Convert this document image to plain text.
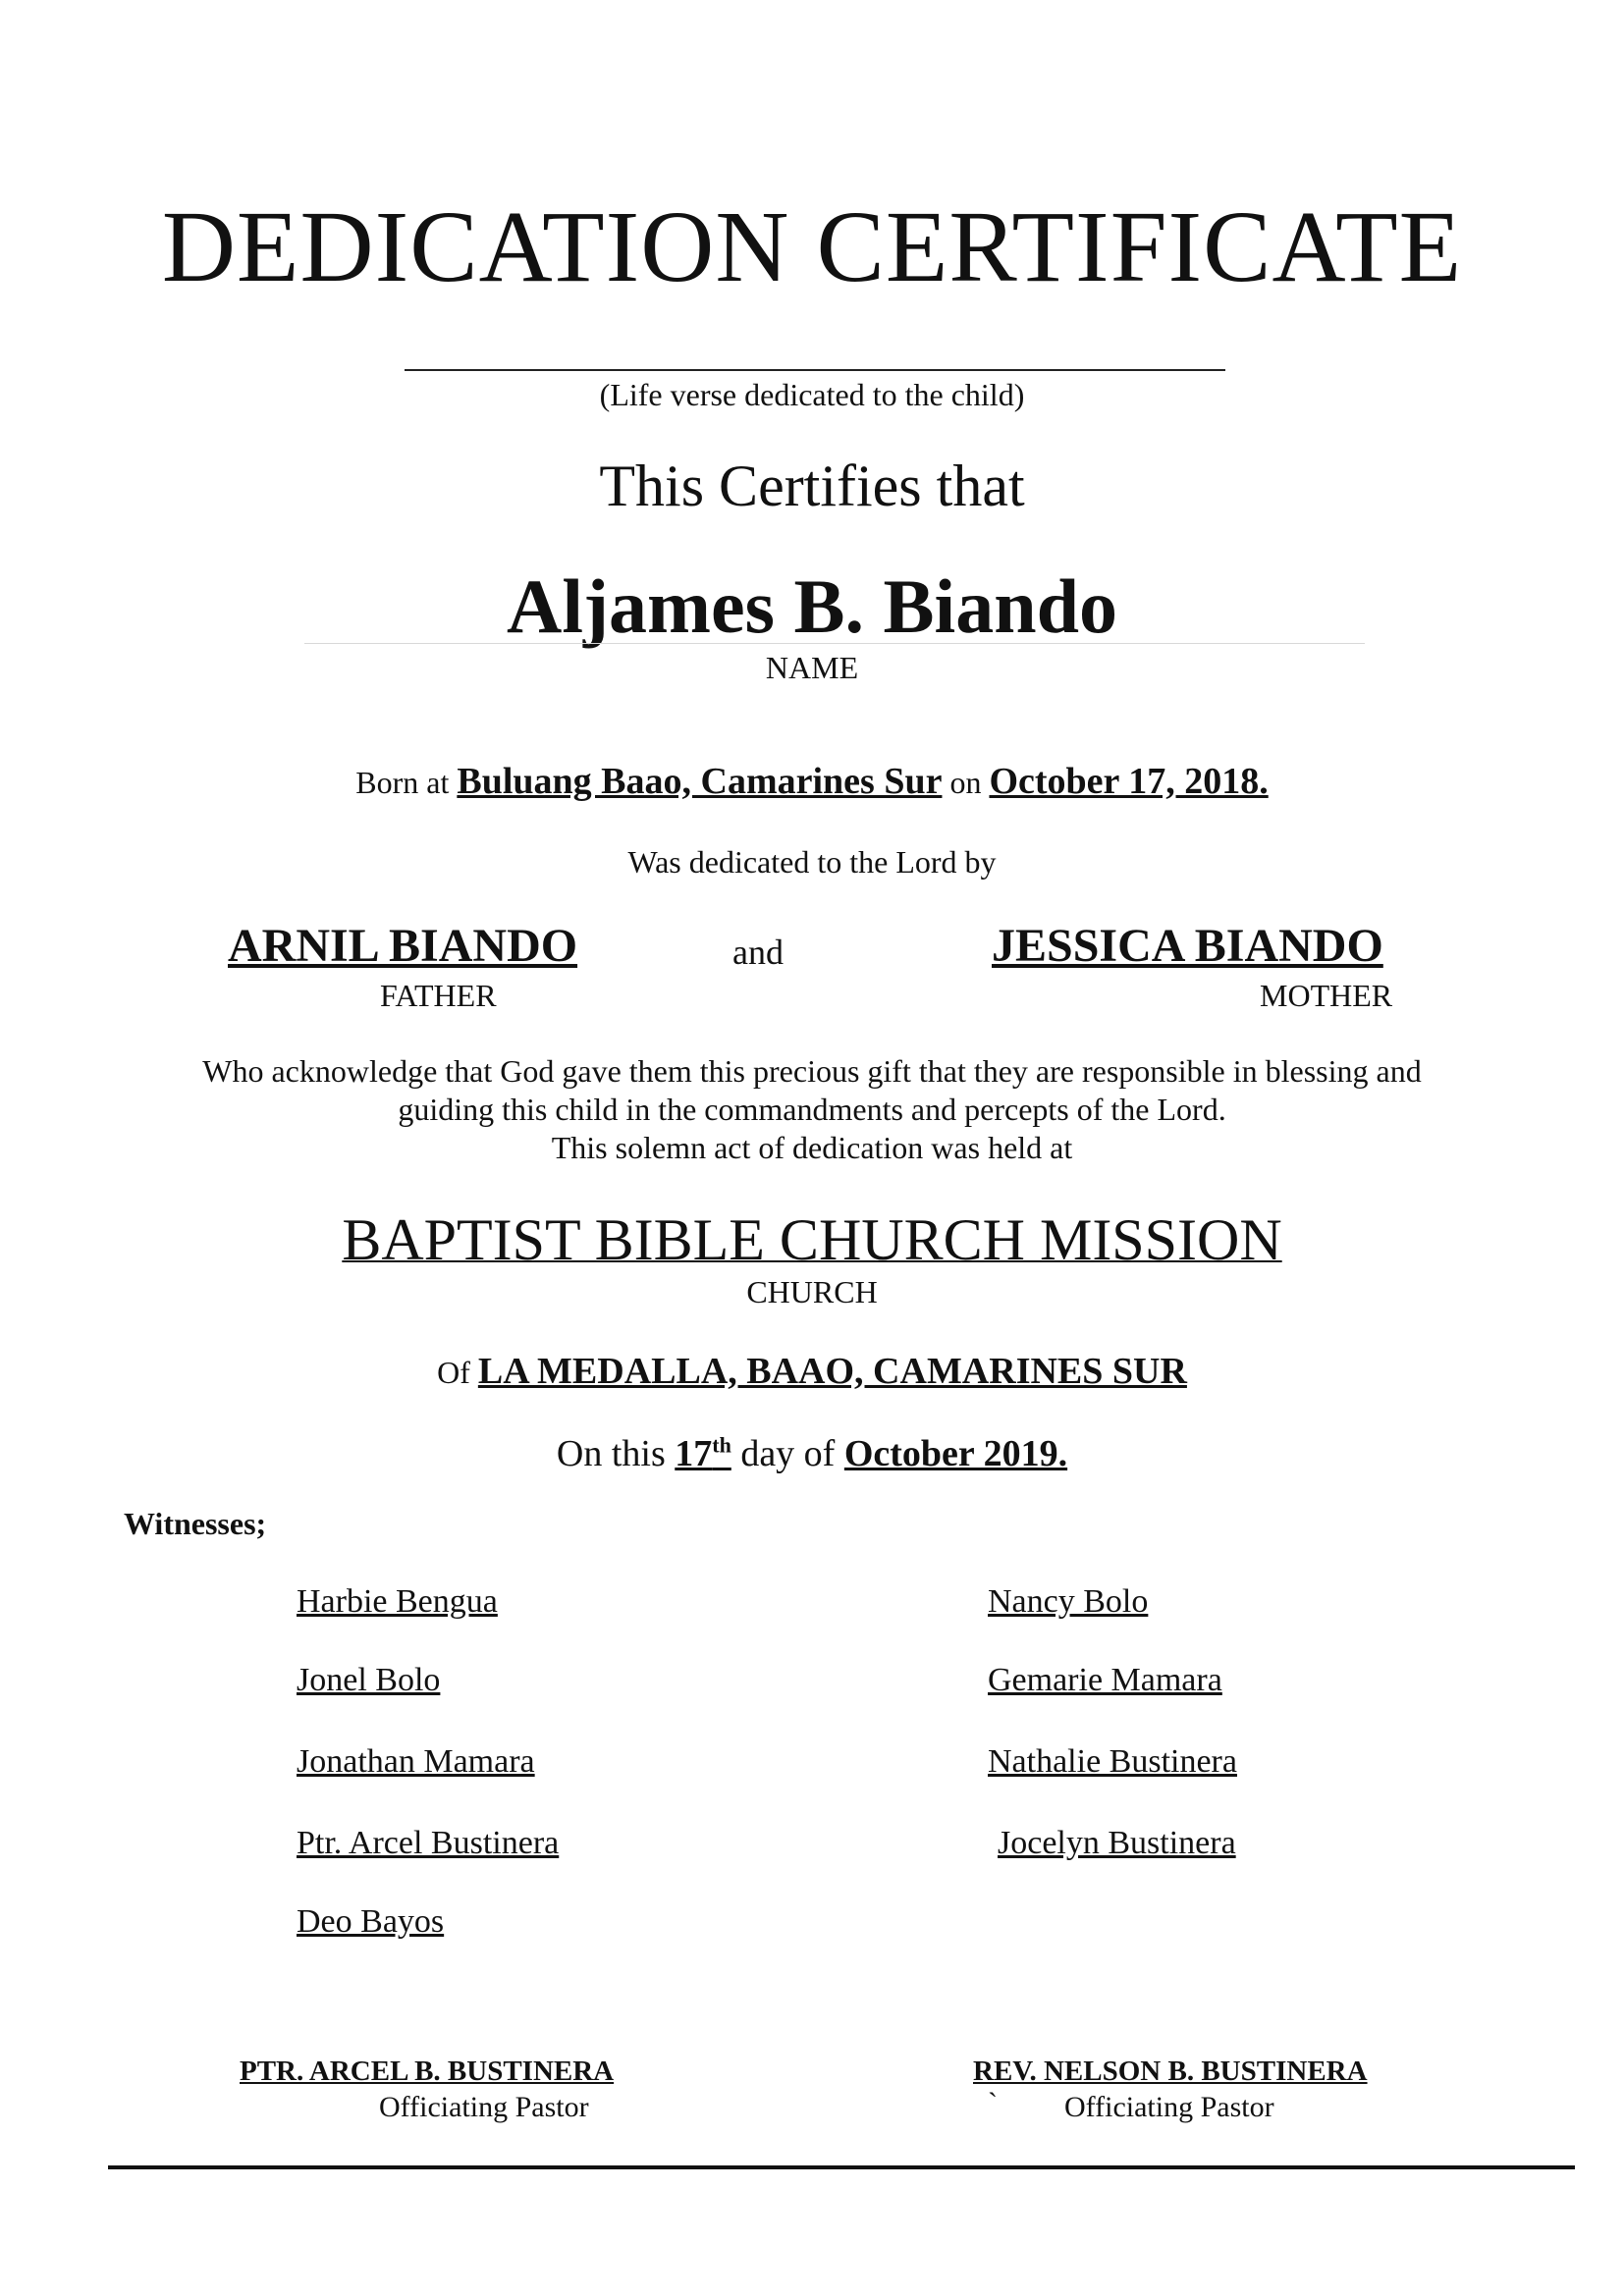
DEDICATION CERTIFICATE
(Life verse dedicated to the child)
This Certifies that
Aljames B. Biando
NAME
Born at Buluang Baao, Camarines Sur on October 17, 2018.
Was dedicated to the Lord by
ARNIL BIANDO	and	JESSICA BIANDO
FATHER	MOTHER
Who acknowledge that God gave them this precious gift that they are responsible in blessing and
guiding this child in the commandments and percepts of the Lord.
This solemn act of dedication was held at
BAPTIST BIBLE CHURCH MISSION
CHURCH
Of LA MEDALLA, BAAO, CAMARINES SUR
On this 17th day of October 2019.
Witnesses;
Harbie Bengua
Jonel Bolo
Jonathan Mamara
Ptr. Arcel Bustinera
Deo Bayos
Nancy Bolo
Gemarie Mamara
Nathalie Bustinera
Jocelyn Bustinera
PTR. ARCEL B. BUSTINERA
Officiating Pastor
REV. NELSON B. BUSTINERA
` Officiating Pastor
